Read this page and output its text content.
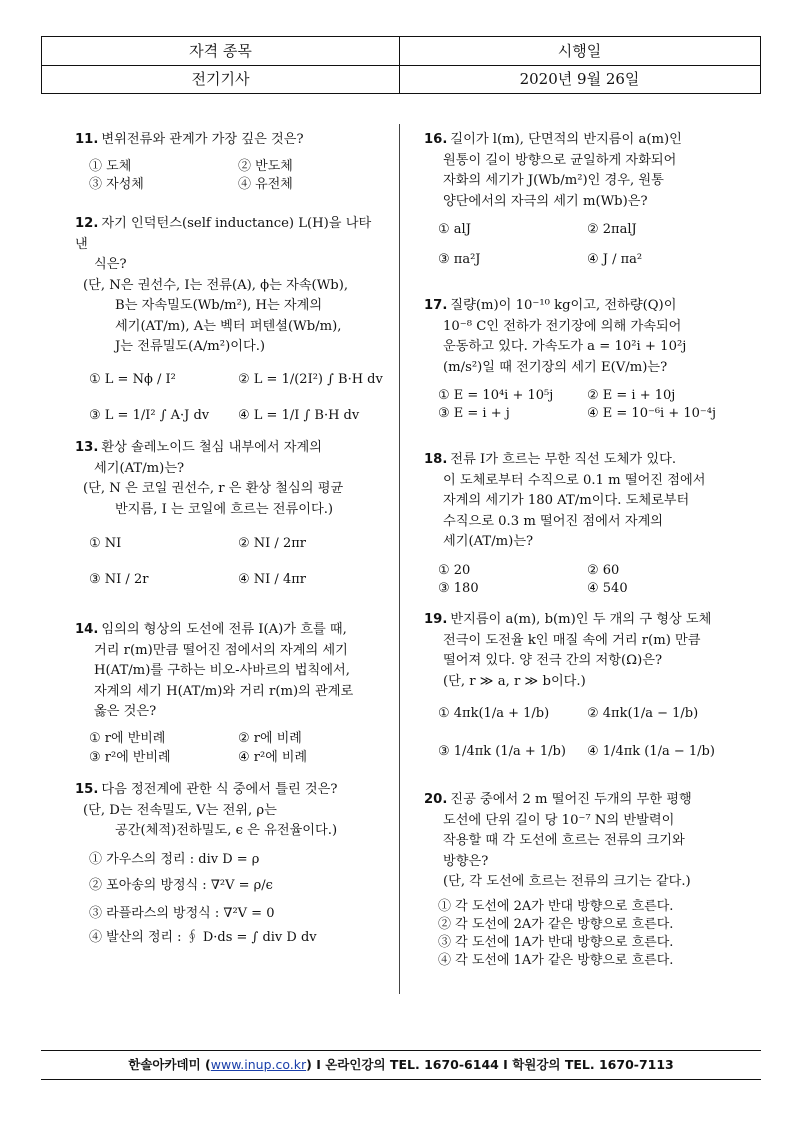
자격 종목	시행일
전기기사	2020년 9월 26일
11. 변위전류와 관계가 가장 깊은 것은?
① 도체	② 반도체
③ 자성체	④ 유전체
12. 자기 인덕턴스(self inductance) L(H)을 나타낸
식은?
(단, N은 권선수, I는 전류(A), ϕ는 자속(Wb),
B는 자속밀도(Wb/m²), H는 자계의
세기(AT/m), A는 벡터 퍼텐셜(Wb/m),
J는 전류밀도(A/m²)이다.)
① L = Nϕ / I²	② L = 1/(2I²) ∫ B·H dv
③ L = 1/I² ∫ A·J dv ④ L = 1/I ∫ B·H dv
13. 환상 솔레노이드 철심 내부에서 자계의
세기(AT/m)는?
(단, N 은 코일 권선수, r 은 환상 철심의 평균
반지름, I 는 코일에 흐르는 전류이다.)
① NI	② NI / 2πr
③ NI / 2r	④ NI / 4πr
14. 임의의 형상의 도선에 전류 I(A)가 흐를 때,
거리 r(m)만큼 떨어진 점에서의 자계의 세기
H(AT/m)를 구하는 비오-사바르의 법칙에서,
자계의 세기 H(AT/m)와 거리 r(m)의 관계로
옳은 것은?
① r에 반비례	② r에 비례
③ r²에 반비례	④ r²에 비례
15. 다음 정전계에 관한 식 중에서 틀린 것은?
(단, D는 전속밀도, V는 전위, ρ는
공간(체적)전하밀도, ϵ 은 유전율이다.)
① 가우스의 정리 : div D = ρ
② 포아송의 방정식 : ∇²V = ρ/ϵ
③ 라플라스의 방정식 : ∇²V = 0
④ 발산의 정리 : ∮ D·ds = ∫ div D dv
16. 길이가 l(m), 단면적의 반지름이 a(m)인
원통이 길이 방향으로 균일하게 자화되어
자화의 세기가 J(Wb/m²)인 경우, 원통
양단에서의 자극의 세기 m(Wb)은?
① alJ	② 2πalJ
③ πa²J	④ J / πa²
17. 질량(m)이 10⁻¹⁰ kg이고, 전하량(Q)이
10⁻⁸ C인 전하가 전기장에 의해 가속되어
운동하고 있다. 가속도가 a = 10²i + 10²j
(m/s²)일 때 전기장의 세기 E(V/m)는?
① E = 10⁴i + 10⁵j	② E = i + 10j
③ E = i + j	④ E = 10⁻⁶i + 10⁻⁴j
18. 전류 I가 흐르는 무한 직선 도체가 있다.
이 도체로부터 수직으로 0.1 m 떨어진 점에서
자계의 세기가 180 AT/m이다. 도체로부터
수직으로 0.3 m 떨어진 점에서 자계의
세기(AT/m)는?
① 20	② 60
③ 180	④ 540
19. 반지름이 a(m), b(m)인 두 개의 구 형상 도체
전극이 도전율 k인 매질 속에 거리 r(m) 만큼
떨어져 있다. 양 전극 간의 저항(Ω)은?
(단, r ≫ a, r ≫ b이다.)
① 4πk(1/a + 1/b)	② 4πk(1/a − 1/b)
③ 1/4πk (1/a + 1/b) ④ 1/4πk (1/a − 1/b)
20. 진공 중에서 2 m 떨어진 두개의 무한 평행
도선에 단위 길이 당 10⁻⁷ N의 반발력이
작용할 때 각 도선에 흐르는 전류의 크기와
방향은?
(단, 각 도선에 흐르는 전류의 크기는 같다.)
① 각 도선에 2A가 반대 방향으로 흐른다.
② 각 도선에 2A가 같은 방향으로 흐른다.
③ 각 도선에 1A가 반대 방향으로 흐른다.
④ 각 도선에 1A가 같은 방향으로 흐른다.
한솔아카데미 (www.inup.co.kr) I 온라인강의 TEL. 1670-6144 I 학원강의 TEL. 1670-7113
